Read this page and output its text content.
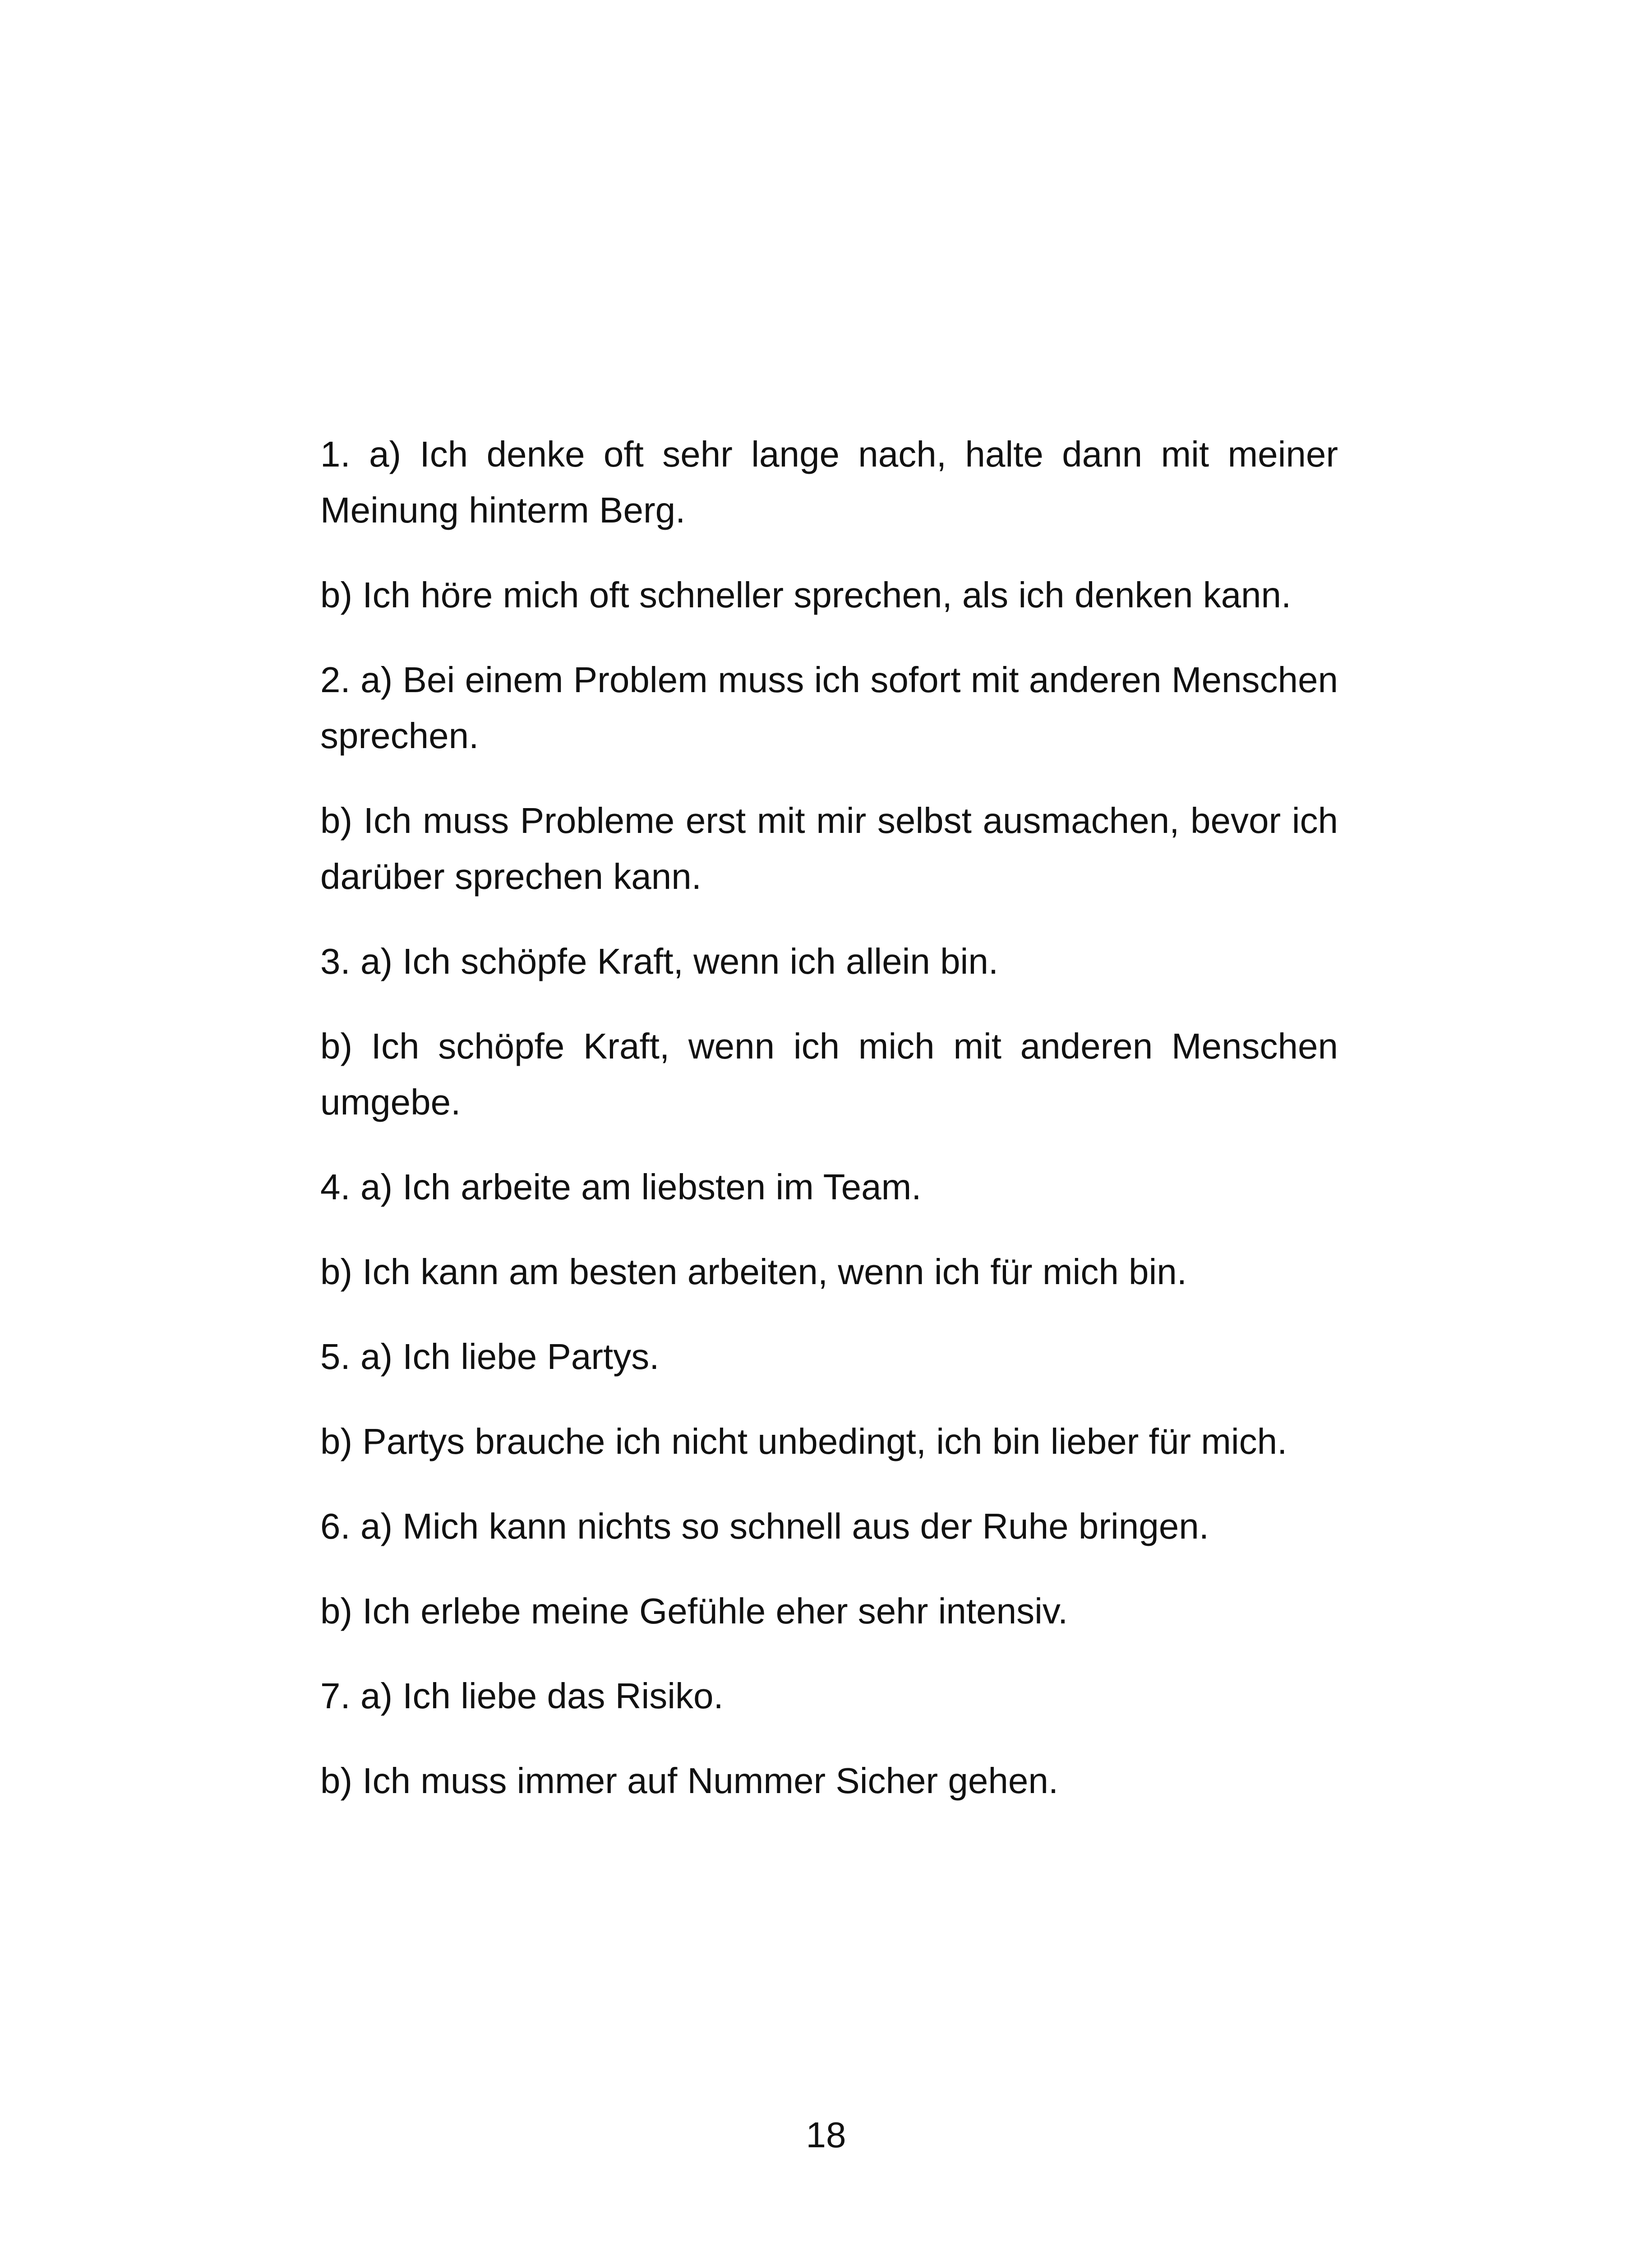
1. a) Ich denke oft sehr lange nach, halte dann mit meiner Meinung hinterm Berg.

b) Ich höre mich oft schneller sprechen, als ich denken kann.

2. a) Bei einem Problem muss ich sofort mit anderen Menschen sprechen.

b) Ich muss Probleme erst mit mir selbst ausmachen, bevor ich darüber sprechen kann.

3. a) Ich schöpfe Kraft, wenn ich allein bin.

b) Ich schöpfe Kraft, wenn ich mich mit anderen Menschen umgebe.

4. a) Ich arbeite am liebsten im Team.

b) Ich kann am besten arbeiten, wenn ich für mich bin.

5. a) Ich liebe Partys.

b) Partys brauche ich nicht unbedingt, ich bin lieber für mich.

6. a) Mich kann nichts so schnell aus der Ruhe bringen.

b) Ich erlebe meine Gefühle eher sehr intensiv.

7. a) Ich liebe das Risiko.

b) Ich muss immer auf Nummer Sicher gehen.

18
